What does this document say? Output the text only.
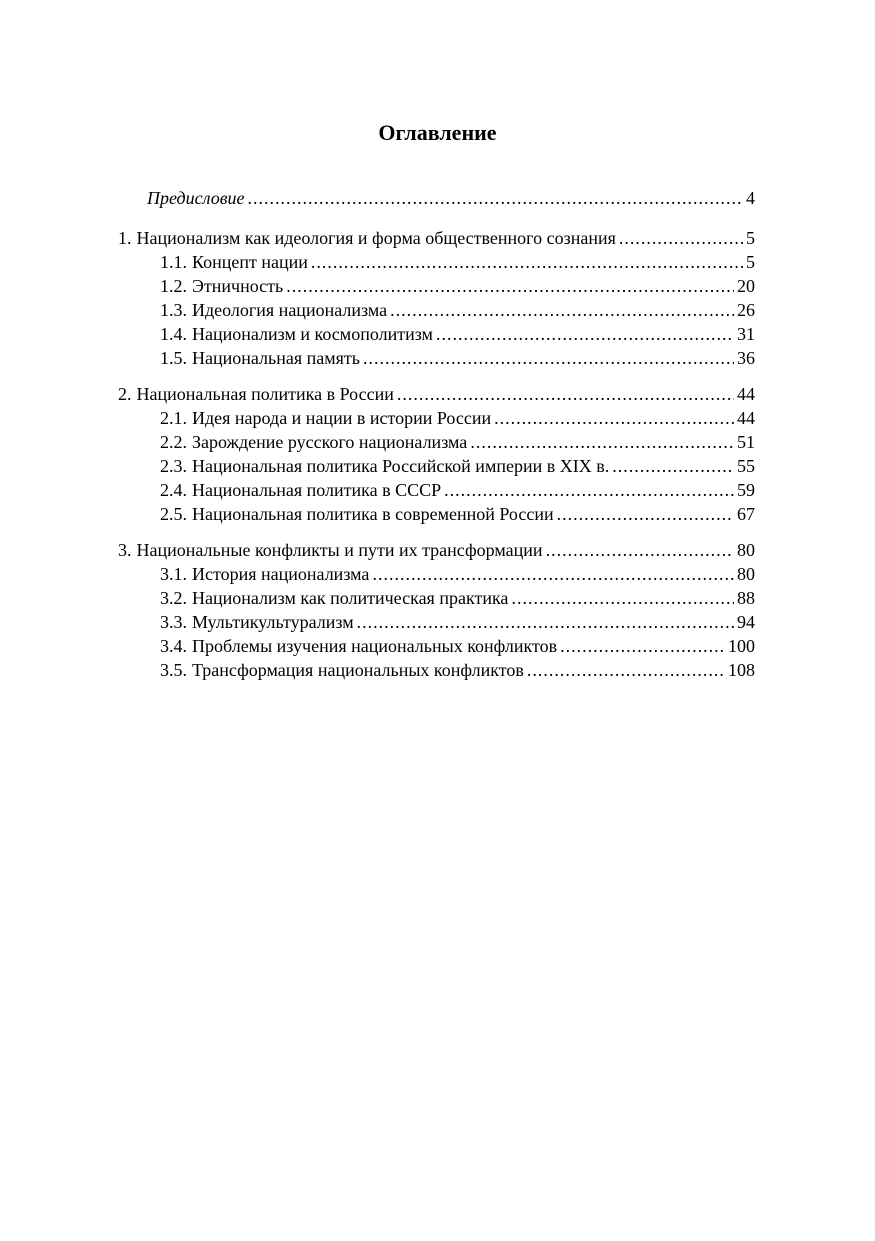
Оглавление
Предисловие .....	4
1. Национализм как идеология и форма общественного сознания .....	5
1.1. Концепт нации .....	5
1.2. Этничность .....	20
1.3. Идеология национализма .....	26
1.4. Национализм и космополитизм .....	31
1.5. Национальная память .....	36
2. Национальная политика в России .....	44
2.1. Идея народа и нации в истории России .....	44
2.2. Зарождение русского национализма .....	51
2.3. Национальная политика Российской империи в XIX в. .....	55
2.4. Национальная политика в СССР .....	59
2.5. Национальная политика в современной России .....	67
3. Национальные конфликты и пути их трансформации .....	80
3.1. История национализма .....	80
3.2. Национализм как политическая практика .....	88
3.3. Мультикультурализм .....	94
3.4. Проблемы изучения национальных конфликтов .....	100
3.5. Трансформация национальных конфликтов .....	108
